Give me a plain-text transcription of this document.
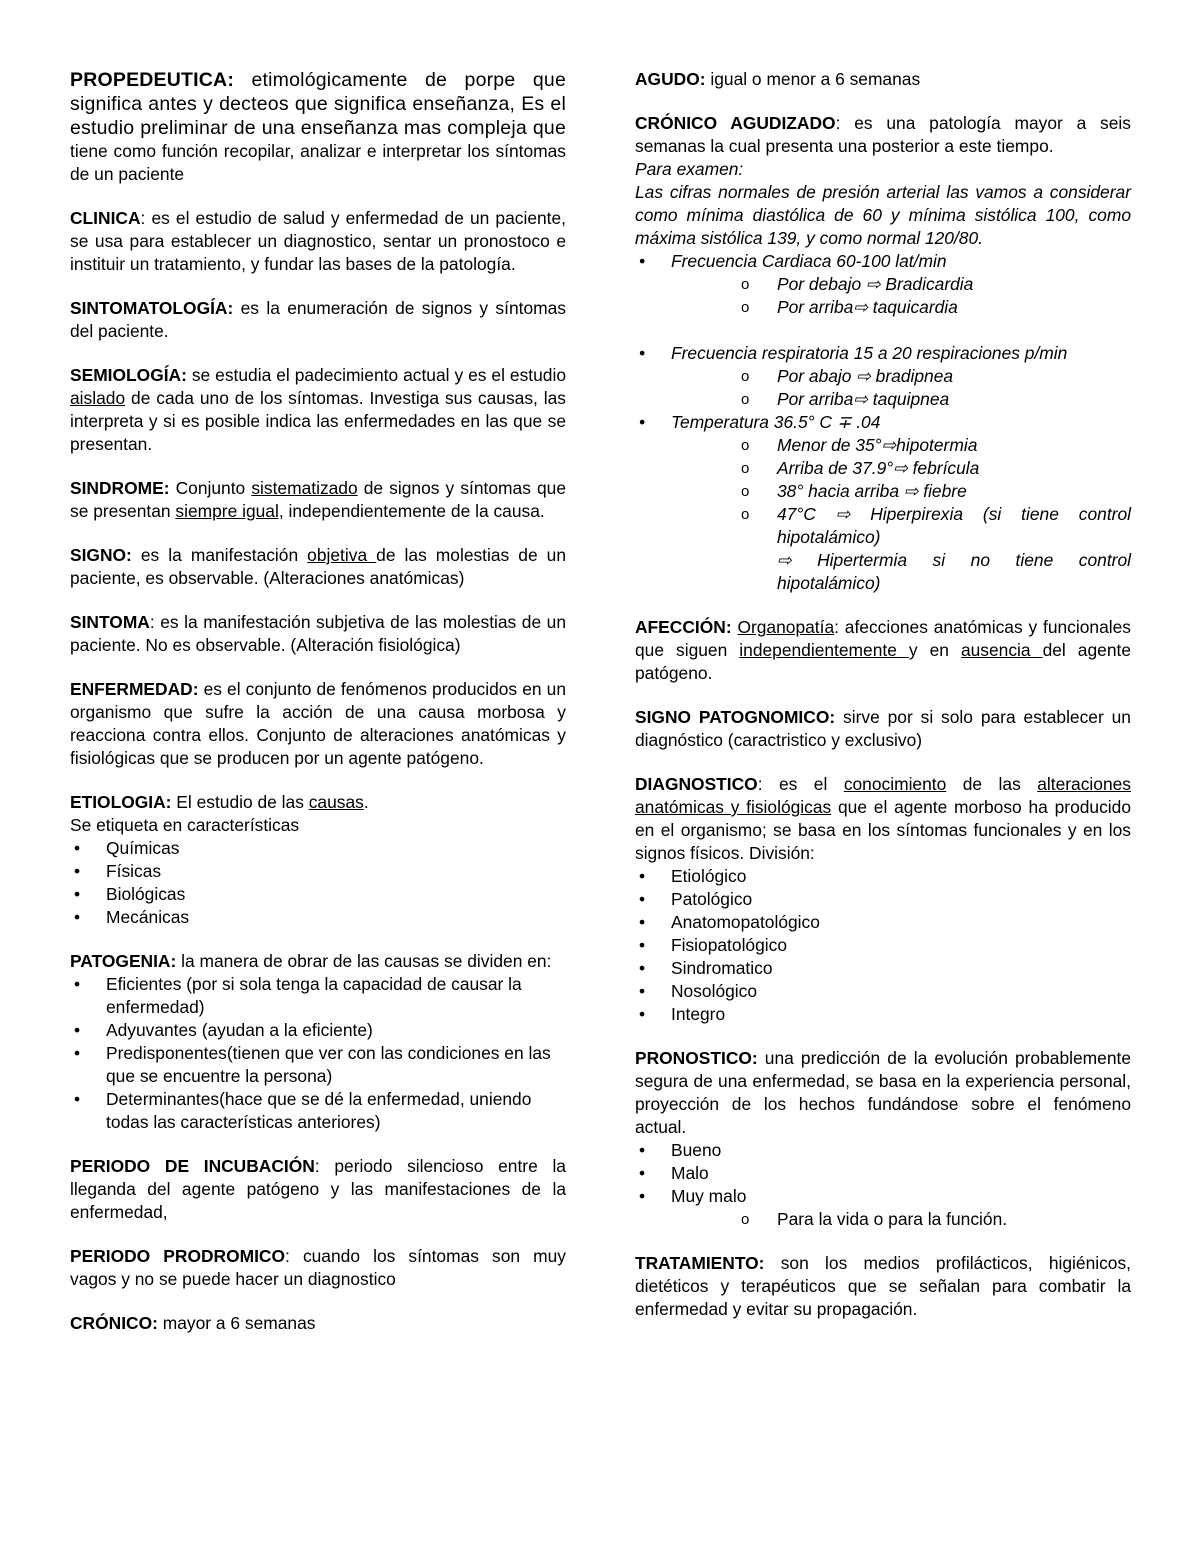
PROPEDEUTICA: etimológicamente de porpe que significa antes y decteos que significa enseñanza, Es el estudio preliminar de una enseñanza mas compleja que tiene como función recopilar, analizar e interpretar los síntomas de un paciente

CLINICA: es el estudio de salud y enfermedad de un paciente, se usa para establecer un diagnostico, sentar un pronostoco e instituir un tratamiento, y fundar las bases de la patología.

SINTOMATOLOGÍA: es la enumeración de signos y síntomas del paciente.

SEMIOLOGÍA: se estudia el padecimiento actual y es el estudio aislado de cada uno de los síntomas. Investiga sus causas, las interpreta y si es posible indica las enfermedades en las que se presentan.

SINDROME: Conjunto sistematizado de signos y síntomas que se presentan siempre igual, independientemente de la causa.

SIGNO: es la manifestación objetiva de las molestias de un paciente, es observable. (Alteraciones anatómicas)

SINTOMA: es la manifestación subjetiva de las molestias de un paciente. No es observable. (Alteración fisiológica)

ENFERMEDAD: es el conjunto de fenómenos producidos en un organismo que sufre la acción de una causa morbosa y reacciona contra ellos. Conjunto de alteraciones anatómicas y fisiológicas que se producen por un agente patógeno.

ETIOLOGIA: El estudio de las causas.
Se etiqueta en características
• Químicas
• Físicas
• Biológicas
• Mecánicas
PATOGENIA: la manera de obrar de las causas se dividen en:
• Eficientes (por si sola tenga la capacidad de causar la enfermedad)
• Adyuvantes (ayudan a la eficiente)
• Predisponentes(tienen que ver con las condiciones en las que se encuentre la persona)
• Determinantes(hace que se dé la enfermedad, uniendo todas las características anteriores)

PERIODO DE INCUBACIÓN: periodo silencioso entre la lleganda del agente patógeno y las manifestaciones de la enfermedad,

PERIODO PRODROMICO: cuando los síntomas son muy vagos y no se puede hacer un diagnostico

CRÓNICO: mayor a 6 semanas

AGUDO: igual o menor a 6 semanas

CRÓNICO AGUDIZADO: es una patología mayor a seis semanas la cual presenta una posterior a este tiempo.
Para examen:
Las cifras normales de presión arterial las vamos a considerar como mínima diastólica de 60 y mínima sistólica 100, como máxima sistólica 139, y como normal 120/80.
• Frecuencia Cardiaca 60-100 lat/min
o Por debajo ⇨ Bradicardia
o Por arriba⇨ taquicardia
• Frecuencia respiratoria 15 a 20 respiraciones p/min
o Por abajo ⇨ bradipnea
o Por arriba⇨ taquipnea
• Temperatura 36.5° C ∓ .04
o Menor de 35°⇨hipotermia
o Arriba de 37.9°⇨ febrícula
o 38° hacia arriba ⇨ fiebre
o 47°C ⇨ Hiperpirexia (si tiene control hipotalámico)
⇨ Hipertermia si no tiene control hipotalámico)

AFECCIÓN: Organopatía: afecciones anatómicas y funcionales que siguen independientemente y en ausencia del agente patógeno.

SIGNO PATOGNOMICO: sirve por si solo para establecer un diagnóstico (caractristico y exclusivo)

DIAGNOSTICO: es el conocimiento de las alteraciones anatómicas y fisiológicas que el agente morboso ha producido en el organismo; se basa en los síntomas funcionales y en los signos físicos. División:
• Etiológico
• Patológico
• Anatomopatológico
• Fisiopatológico
• Sindromatico
• Nosológico
• Integro
PRONOSTICO: una predicción de la evolución probablemente segura de una enfermedad, se basa en la experiencia personal, proyección de los hechos fundándose sobre el fenómeno actual.
• Bueno
• Malo
• Muy malo
o Para la vida o para la función.

TRATAMIENTO: son los medios profilácticos, higiénicos, dietéticos y terapéuticos que se señalan para combatir la enfermedad y evitar su propagación.
